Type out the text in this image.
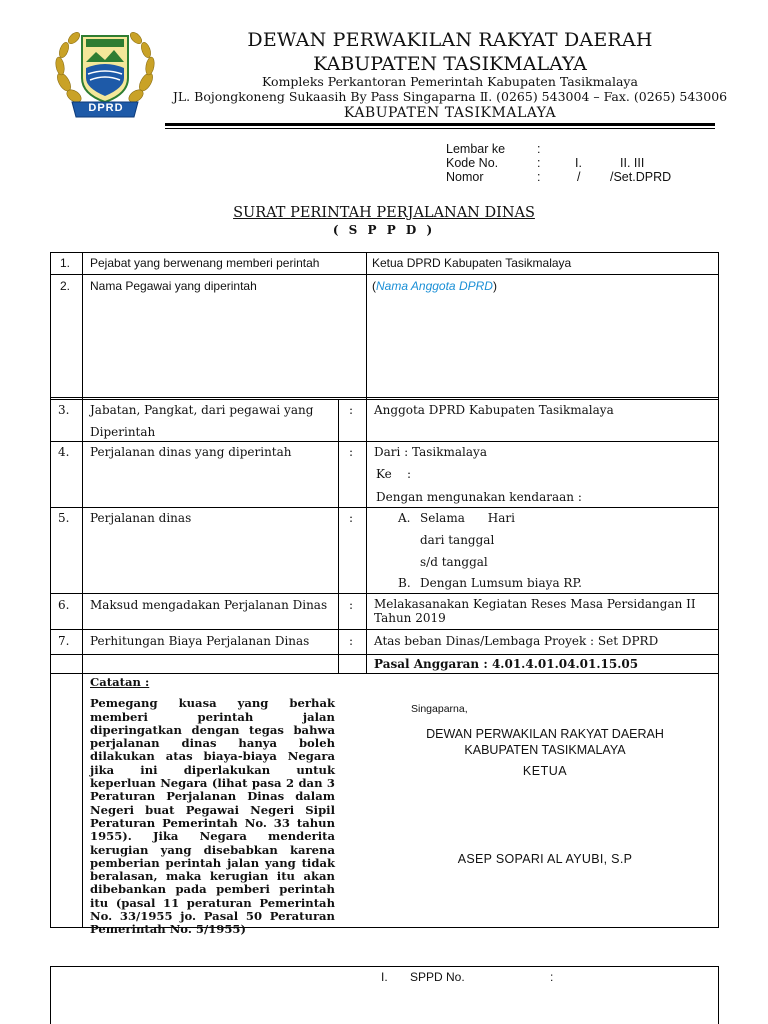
DPRD
DEWAN PERWAKILAN RAKYAT DAERAH
KABUPATEN TASIKMALAYA
Kompleks Perkantoran Pemerintah Kabupaten Tasikmalaya
JL. Bojongkoneng Sukaasih By Pass Singaparna Ⅱ. (0265) 543004 – Fax. (0265) 543006
KABUPATEN TASIKMALAYA
Lembar ke	:
Kode No.	:	I.	II. III
Nomor	:	/ /Set.DPRD
SURAT PERINTAH PERJALANAN DINAS
( S P P D )
1. Pejabat yang berwenang memberi perintah	Ketua DPRD Kabupaten Tasikmalaya
2. Nama Pegawai yang diperintah	(Nama Anggota DPRD)
3. Jabatan, Pangkat, dari pegawai yang
Diperintah
: Anggota DPRD Kabupaten Tasikmalaya
4. Perjalanan dinas yang diperintah	: Dari : Tasikmalaya
Ke    :
Dengan mengunakan kendaraan :
5. Perjalanan dinas	:	A. Selama      Hari
dari tanggal
s/d tanggal
B. Dengan Lumsum biaya RP.
6. Maksud mengadakan Perjalanan Dinas : Melakasanakan Kegiatan Reses Masa Persidangan II
Tahun 2019
7. Perhitungan Biaya Perjalanan Dinas	: Atas beban Dinas/Lembaga Proyek : Set DPRD
Pasal Anggaran : 4.01.4.01.04.01.15.05

Catatan :

Pemegang kuasa yang berhak memberi perintah jalan diperingatkan dengan tegas bahwa perjalanan dinas hanya boleh dilakukan atas biaya-biaya Negara jika ini diperlakukan untuk keperluan Negara (lihat pasa 2 dan 3 Peraturan Perjalanan Dinas dalam Negeri buat Pegawai Negeri Sipil Peraturan Pemerintah No. 33 tahun 1955). Jika Negara menderita kerugian yang disebabkan karena pemberian perintah jalan yang tidak beralasan, maka kerugian itu akan dibebankan pada pemberi perintah itu (pasal 11 peraturan Pemerintah No. 33/1955 jo. Pasal 50 Peraturan Pemerintah No. 5/1955)

Singaparna,
DEWAN PERWAKILAN RAKYAT DAERAH
KABUPATEN TASIKMALAYA
KETUA
ASEP SOPARI AL AYUBI, S.P
I. SPPD No.	:
